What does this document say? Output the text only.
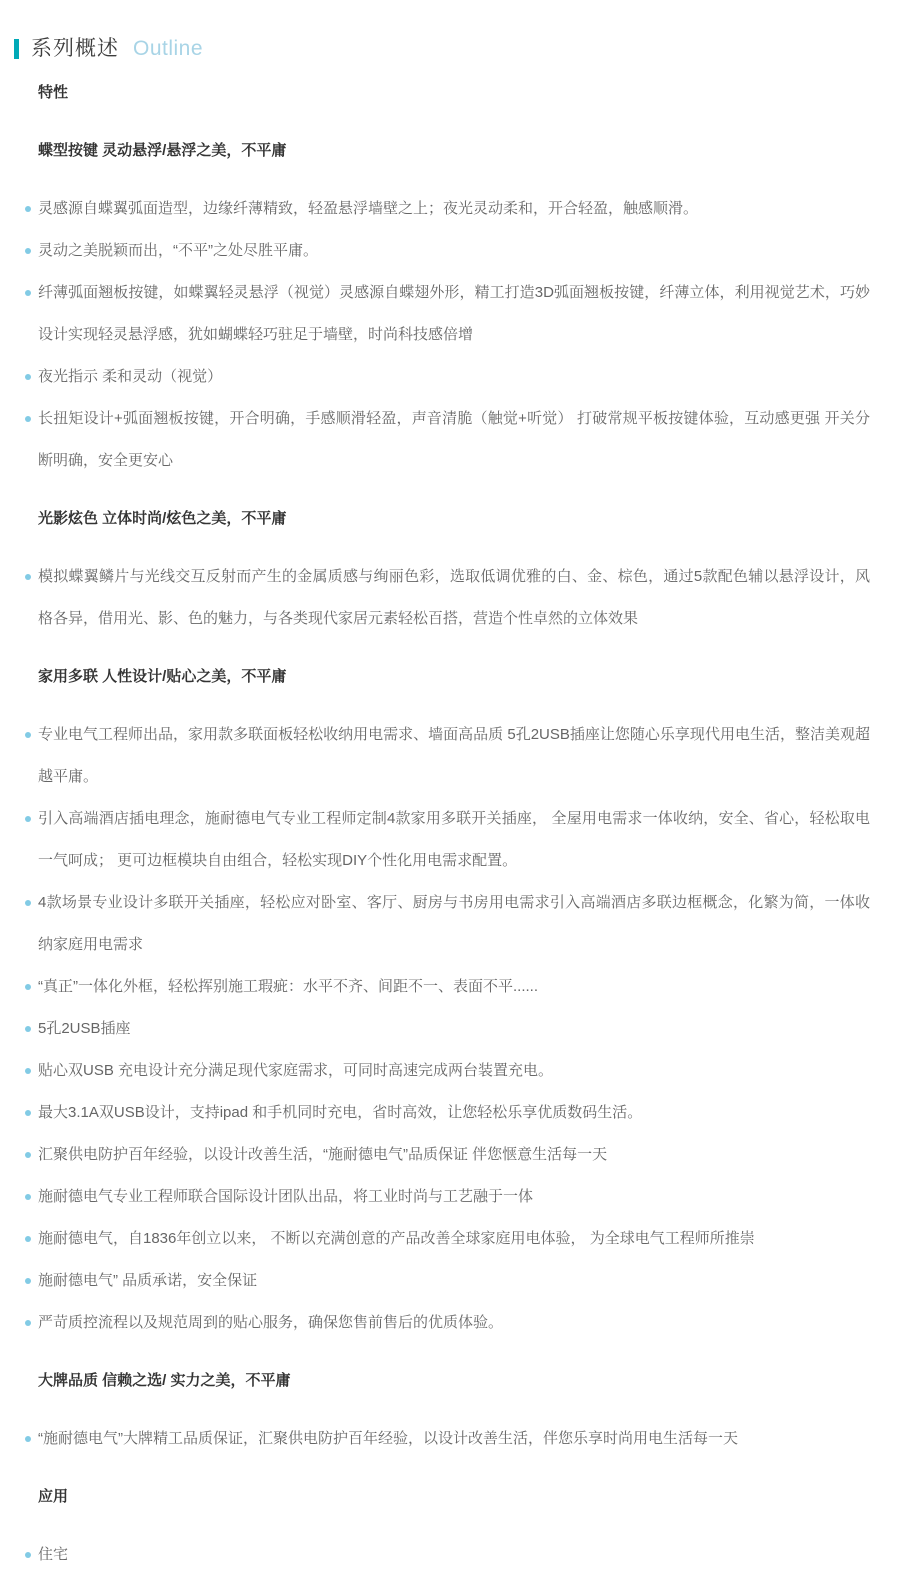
系列概述 Outline
特性
蝶型按键 灵动悬浮/悬浮之美，不平庸
灵感源自蝶翼弧面造型，边缘纤薄精致，轻盈悬浮墙壁之上；夜光灵动柔和，开合轻盈，触感顺滑。
灵动之美脱颖而出，“不平”之处尽胜平庸。
纤薄弧面翘板按键，如蝶翼轻灵悬浮（视觉）灵感源自蝶翅外形，精工打造3D弧面翘板按键，纤薄立体，利用视觉艺术，巧妙设计实现轻灵悬浮感，犹如蝴蝶轻巧驻足于墙壁，时尚科技感倍增
夜光指示 柔和灵动（视觉）
长扭矩设计+弧面翘板按键，开合明确，手感顺滑轻盈，声音清脆（触觉+听觉） 打破常规平板按键体验，互动感更强 开关分断明确，安全更安心
光影炫色 立体时尚/炫色之美，不平庸
模拟蝶翼鳞片与光线交互反射而产生的金属质感与绚丽色彩，选取低调优雅的白、金、棕色，通过5款配色辅以悬浮设计，风格各异，借用光、影、色的魅力，与各类现代家居元素轻松百搭，营造个性卓然的立体效果
家用多联 人性设计/贴心之美，不平庸
专业电气工程师出品，家用款多联面板轻松收纳用电需求、墙面高品质 5孔2USB插座让您随心乐享现代用电生活，整洁美观超越平庸。
引入高端酒店插电理念，施耐德电气专业工程师定制4款家用多联开关插座， 全屋用电需求一体收纳，安全、省心，轻松取电一气呵成； 更可边框模块自由组合，轻松实现DIY个性化用电需求配置。
4款场景专业设计多联开关插座，轻松应对卧室、客厅、厨房与书房用电需求引入高端酒店多联边框概念，化繁为简，一体收纳家庭用电需求
“真正”一体化外框，轻松挥别施工瑕疵：水平不齐、间距不一、表面不平......
5孔2USB插座
贴心双USB 充电设计充分满足现代家庭需求，可同时高速完成两台装置充电。
最大3.1A双USB设计，支持ipad 和手机同时充电，省时高效，让您轻松乐享优质数码生活。
汇聚供电防护百年经验，以设计改善生活，“施耐德电气”品质保证 伴您惬意生活每一天
施耐德电气专业工程师联合国际设计团队出品，将工业时尚与工艺融于一体
施耐德电气，自1836年创立以来， 不断以充满创意的产品改善全球家庭用电体验， 为全球电气工程师所推崇
施耐德电气” 品质承诺，安全保证
严苛质控流程以及规范周到的贴心服务，确保您售前售后的优质体验。
大牌品质 信赖之选/ 实力之美，不平庸
“施耐德电气”大牌精工品质保证，汇聚供电防护百年经验，以设计改善生活，伴您乐享时尚用电生活每一天
应用
住宅
